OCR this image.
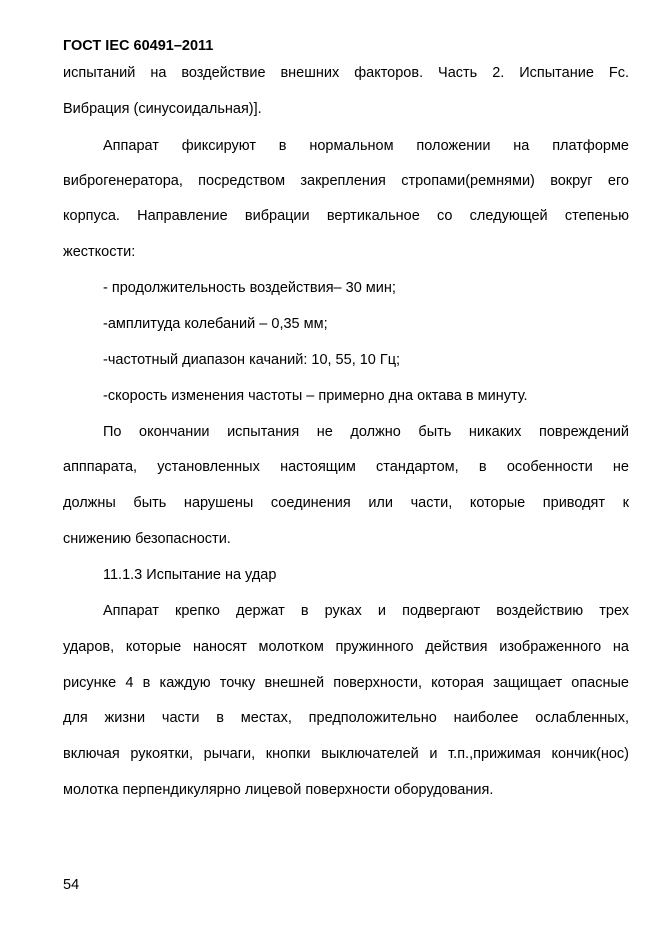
ГОСТ IEC 60491–2011
испытаний на воздействие внешних факторов. Часть 2. Испытание Fc.
Вибрация (синусоидальная)].
Аппарат фиксируют в нормальном положении на платформе
виброгенератора, посредством закрепления стропами(ремнями) вокруг его
корпуса. Направление вибрации вертикальное со следующей степенью
жесткости:
- продолжительность воздействия– 30 мин;
-амплитуда колебаний – 0,35 мм;
-частотный диапазон качаний: 10, 55, 10 Гц;
-скорость изменения частоты – примерно дна октава в минуту.
По окончании испытания не должно быть никаких повреждений
апппарата, установленных настоящим стандартом, в особенности не
должны быть нарушены соединения или части, которые приводят к
снижению безопасности.
11.1.3 Испытание на удар
Аппарат крепко держат в руках и подвергают воздействию трех
ударов, которые наносят молотком пружинного действия изображенного на
рисунке 4 в каждую точку внешней поверхности, которая защищает опасные
для жизни части в местах, предположительно наиболее ослабленных,
включая рукоятки, рычаги, кнопки выключателей и т.п.,прижимая кончик(нос)
молотка перпендикулярно лицевой поверхности оборудования.
54
